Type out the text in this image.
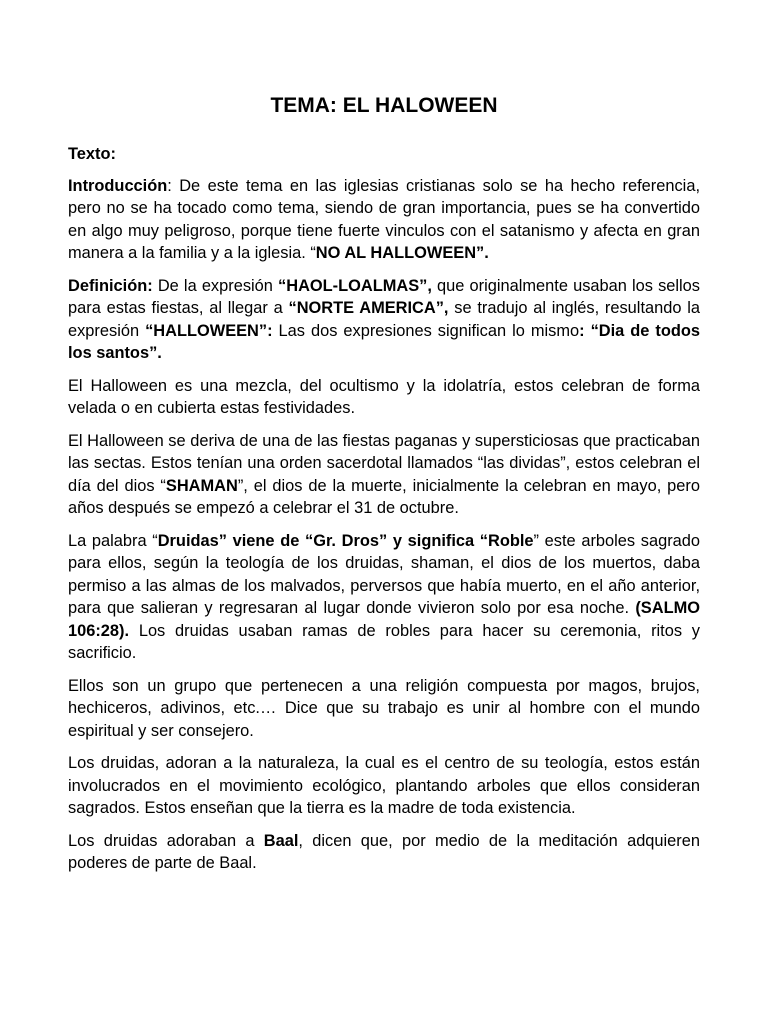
TEMA: EL HALOWEEN

Texto:

Introducción: De este tema en las iglesias cristianas solo se ha hecho referencia, pero no se ha tocado como tema, siendo de gran importancia, pues se ha convertido en algo muy peligroso, porque tiene fuerte vinculos con el satanismo y afecta en gran manera a la familia y a la iglesia. “NO AL HALLOWEEN”.

Definición: De la expresión “HAOL-LOALMAS”, que originalmente usaban los sellos para estas fiestas, al llegar a “NORTE AMERICA”, se tradujo al inglés, resultando la expresión “HALLOWEEN”: Las dos expresiones significan lo mismo: “Dia de todos los santos”.

El Halloween es una mezcla, del ocultismo y la idolatría, estos celebran de forma velada o en cubierta estas festividades.

El Halloween se deriva de una de las fiestas paganas y supersticiosas que practicaban las sectas. Estos tenían una orden sacerdotal llamados “las dividas”, estos celebran el día del dios “SHAMAN”, el dios de la muerte, inicialmente la celebran en mayo, pero años después se empezó a celebrar el 31 de octubre.

La palabra “Druidas” viene de “Gr. Dros” y significa “Roble” este arboles sagrado para ellos, según la teología de los druidas, shaman, el dios de los muertos, daba permiso a las almas de los malvados, perversos que había muerto, en el año anterior, para que salieran y regresaran al lugar donde vivieron solo por esa noche. (SALMO 106:28). Los druidas usaban ramas de robles para hacer su ceremonia, ritos y sacrificio.

Ellos son un grupo que pertenecen a una religión compuesta por magos, brujos, hechiceros, adivinos, etc.… Dice que su trabajo es unir al hombre con el mundo espiritual y ser consejero.

Los druidas, adoran a la naturaleza, la cual es el centro de su teología, estos están involucrados en el movimiento ecológico, plantando arboles que ellos consideran sagrados. Estos enseñan que la tierra es la madre de toda existencia.

Los druidas adoraban a Baal, dicen que, por medio de la meditación adquieren poderes de parte de Baal.
